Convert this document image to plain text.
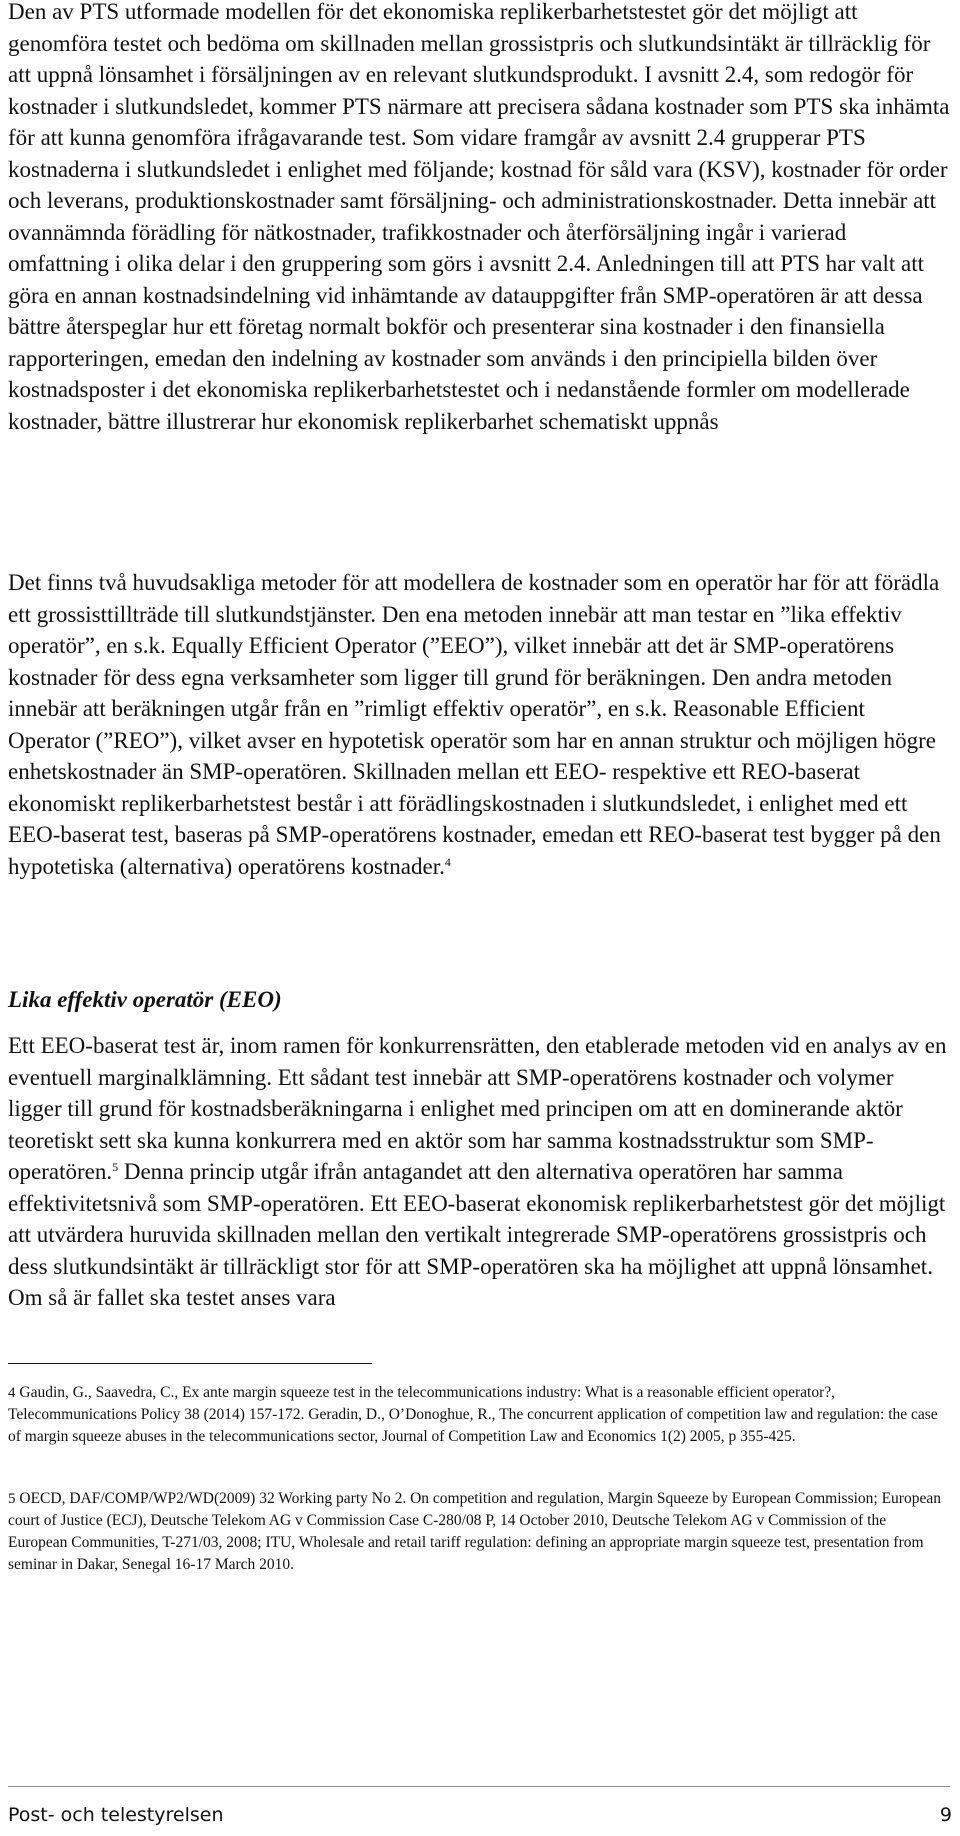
Den av PTS utformade modellen för det ekonomiska replikerbarhetstestet gör det möjligt att genomföra testet och bedöma om skillnaden mellan grossistpris och slutkundsintäkt är tillräcklig för att uppnå lönsamhet i försäljningen av en relevant slutkundsprodukt. I avsnitt 2.4, som redogör för kostnader i slutkundsledet, kommer PTS närmare att precisera sådana kostnader som PTS ska inhämta för att kunna genomföra ifrågavarande test. Som vidare framgår av avsnitt 2.4 grupperar PTS kostnaderna i slutkundsledet i enlighet med följande; kostnad för såld vara (KSV), kostnader för order och leverans, produktionskostnader samt försäljning- och administrationskostnader. Detta innebär att ovannämnda förädling för nätkostnader, trafikkostnader och återförsäljning ingår i varierad omfattning i olika delar i den gruppering som görs i avsnitt 2.4. Anledningen till att PTS har valt att göra en annan kostnadsindelning vid inhämtande av datauppgifter från SMP-operatören är att dessa bättre återspeglar hur ett företag normalt bokför och presenterar sina kostnader i den finansiella rapporteringen, emedan den indelning av kostnader som används i den principiella bilden över kostnadsposter i det ekonomiska replikerbarhetstestet och i nedanstående formler om modellerade kostnader, bättre illustrerar hur ekonomisk replikerbarhet schematiskt uppnås

Det finns två huvudsakliga metoder för att modellera de kostnader som en operatör har för att förädla ett grossisttillträde till slutkundstjänster. Den ena metoden innebär att man testar en ”lika effektiv operatör”, en s.k. Equally Efficient Operator (”EEO”), vilket innebär att det är SMP-operatörens kostnader för dess egna verksamheter som ligger till grund för beräkningen. Den andra metoden innebär att beräkningen utgår från en ”rimligt effektiv operatör”, en s.k. Reasonable Efficient Operator (”REO”), vilket avser en hypotetisk operatör som har en annan struktur och möjligen högre enhetskostnader än SMP-operatören. Skillnaden mellan ett EEO- respektive ett REO-baserat ekonomiskt replikerbarhetstest består i att förädlingskostnaden i slutkundsledet, i enlighet med ett EEO-baserat test, baseras på SMP-operatörens kostnader, emedan ett REO-baserat test bygger på den hypotetiska (alternativa) operatörens kostnader.$^4$

Lika effektiv operatör (EEO)

Ett EEO-baserat test är, inom ramen för konkurrensrätten, den etablerade metoden vid en analys av en eventuell marginalklämning. Ett sådant test innebär att SMP-operatörens kostnader och volymer ligger till grund för kostnadsberäkningarna i enlighet med principen om att en dominerande aktör teoretiskt sett ska kunna konkurrera med en aktör som har samma kostnadsstruktur som SMP-operatören.$^5$ Denna princip utgår ifrån antagandet att den alternativa operatören har samma effektivitetsnivå som SMP-operatören. Ett EEO-baserat ekonomisk replikerbarhetstest gör det möjligt att utvärdera huruvida skillnaden mellan den vertikalt integrerade SMP-operatörens grossistpris och dess slutkundsintäkt är tillräckligt stor för att SMP-operatören ska ha möjlighet att uppnå lönsamhet. Om så är fallet ska testet anses vara

4 Gaudin, G., Saavedra, C., Ex ante margin squeeze test in the telecommunications industry: What is a reasonable efficient operator?, Telecommunications Policy 38 (2014) 157-172. Geradin, D., O’Donoghue, R., The concurrent application of competition law and regulation: the case of margin squeeze abuses in the telecommunications sector, Journal of Competition Law and Economics 1(2) 2005, p 355-425.

5 OECD, DAF/COMP/WP2/WD(2009) 32 Working party No 2. On competition and regulation, Margin Squeeze by European Commission; European court of Justice (ECJ), Deutsche Telekom AG v Commission Case C-280/08 P, 14 October 2010, Deutsche Telekom AG v Commission of the European Communities, T-271/03, 2008; ITU, Wholesale and retail tariff regulation: defining an appropriate margin squeeze test, presentation from seminar in Dakar, Senegal 16-17 March 2010.

Post- och telestyrelsen	9
